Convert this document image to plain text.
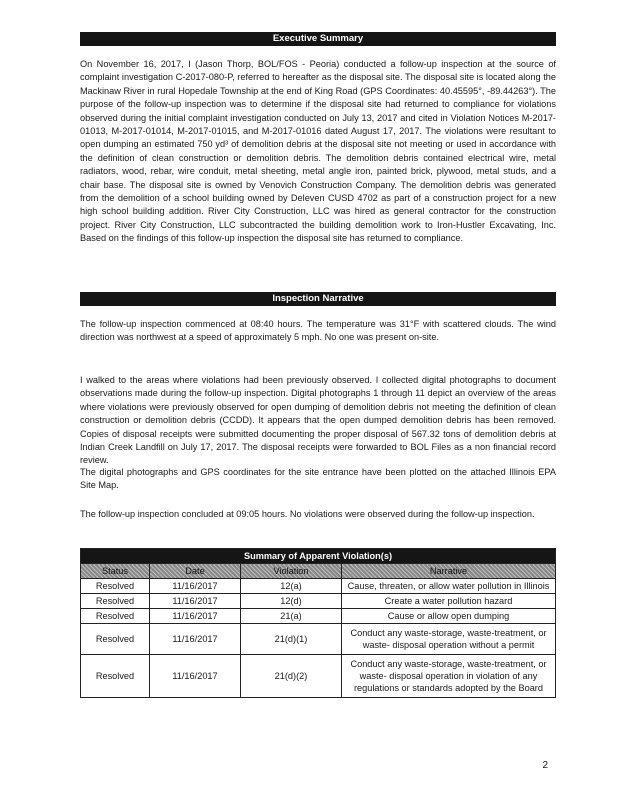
Executive Summary

On November 16, 2017, I (Jason Thorp, BOL/FOS - Peoria) conducted a follow-up inspection at the source of complaint investigation C-2017-080-P, referred to hereafter as the disposal site. The disposal site is located along the Mackinaw River in rural Hopedale Township at the end of King Road (GPS Coordinates: 40.45595°, -89.44263°). The purpose of the follow-up inspection was to determine if the disposal site had returned to compliance for violations observed during the initial complaint investigation conducted on July 13, 2017 and cited in Violation Notices M-2017-01013, M-2017-01014, M-2017-01015, and M-2017-01016 dated August 17, 2017. The violations were resultant to open dumping an estimated 750 yd³ of demolition debris at the disposal site not meeting or used in accordance with the definition of clean construction or demolition debris. The demolition debris contained electrical wire, metal radiators, wood, rebar, wire conduit, metal sheeting, metal angle iron, painted brick, plywood, metal studs, and a chair base. The disposal site is owned by Venovich Construction Company. The demolition debris was generated from the demolition of a school building owned by Deleven CUSD 4702 as part of a construction project for a new high school building addition. River City Construction, LLC was hired as general contractor for the construction project. River City Construction, LLC subcontracted the building demolition work to Iron-Hustler Excavating, Inc. Based on the findings of this follow-up inspection the disposal site has returned to compliance.

Inspection Narrative

The follow-up inspection commenced at 08:40 hours. The temperature was 31°F with scattered clouds. The wind direction was northwest at a speed of approximately 5 mph. No one was present on-site.

I walked to the areas where violations had been previously observed. I collected digital photographs to document observations made during the follow-up inspection. Digital photographs 1 through 11 depict an overview of the areas where violations were previously observed for open dumping of demolition debris not meeting the definition of clean construction or demolition debris (CCDD). It appears that the open dumped demolition debris has been removed. Copies of disposal receipts were submitted documenting the proper disposal of 567.32 tons of demolition debris at Indian Creek Landfill on July 17, 2017. The disposal receipts were forwarded to BOL Files as a non financial record review.

The digital photographs and GPS coordinates for the site entrance have been plotted on the attached Illinois EPA Site Map.

The follow-up inspection concluded at 09:05 hours. No violations were observed during the follow-up inspection.

Summary of Apparent Violation(s)			
Status	Date	Violation	Narrative
Resolved	11/16/2017	12(a)	Cause, threaten, or allow water pollution in Illinois
Resolved	11/16/2017	12(d)	Create a water pollution hazard
Resolved	11/16/2017	21(a)	Cause or allow open dumping
Resolved	11/16/2017	21(d)(1)	Conduct any waste-storage, waste-treatment, or waste- disposal operation without a permit
Resolved	11/16/2017	21(d)(2)	Conduct any waste-storage, waste-treatment, or waste- disposal operation in violation of any regulations or standards adopted by the Board
2
